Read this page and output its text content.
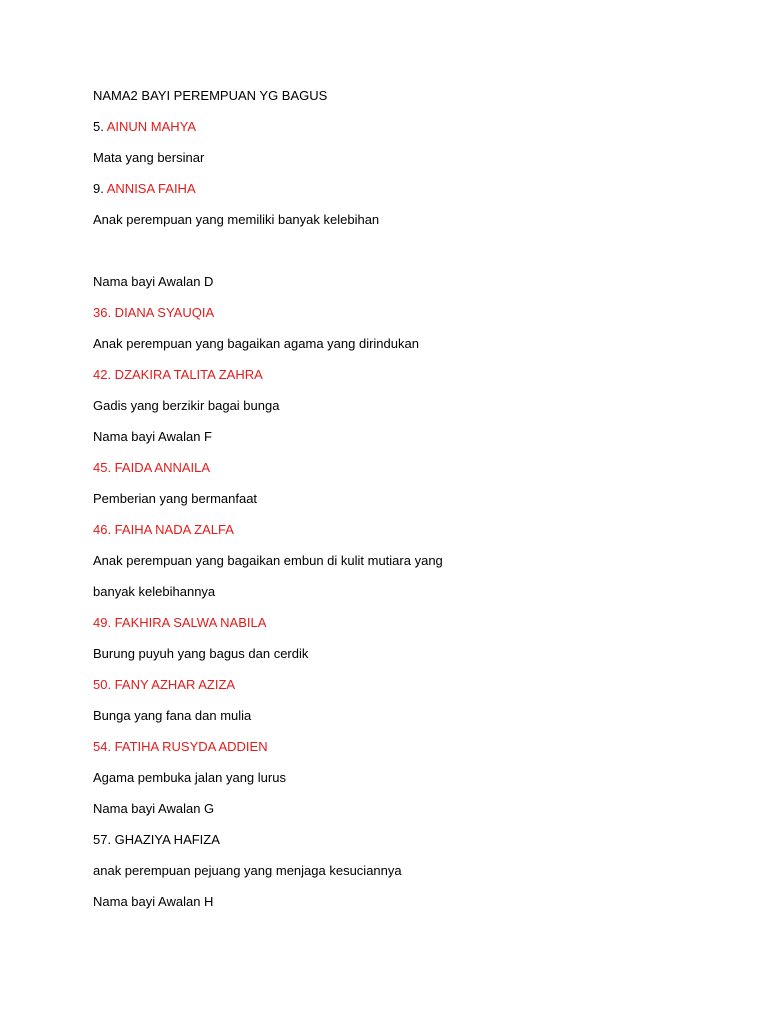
NAMA2 BAYI PEREMPUAN YG BAGUS
5. AINUN MAHYA
Mata yang bersinar
9. ANNISA FAIHA
Anak perempuan yang memiliki banyak kelebihan
Nama bayi Awalan D
36. DIANA SYAUQIA
Anak perempuan yang bagaikan agama yang dirindukan
42. DZAKIRA TALITA ZAHRA
Gadis yang berzikir bagai bunga
Nama bayi Awalan F
45. FAIDA ANNAILA
Pemberian yang bermanfaat
46. FAIHA NADA ZALFA
Anak perempuan yang bagaikan embun di kulit mutiara yang
banyak kelebihannya
49. FAKHIRA SALWA NABILA
Burung puyuh yang bagus dan cerdik
50. FANY AZHAR AZIZA
Bunga yang fana dan mulia
54. FATIHA RUSYDA ADDIEN
Agama pembuka jalan yang lurus
Nama bayi Awalan G
57. GHAZIYA HAFIZA
anak perempuan pejuang yang menjaga kesuciannya
Nama bayi Awalan H
